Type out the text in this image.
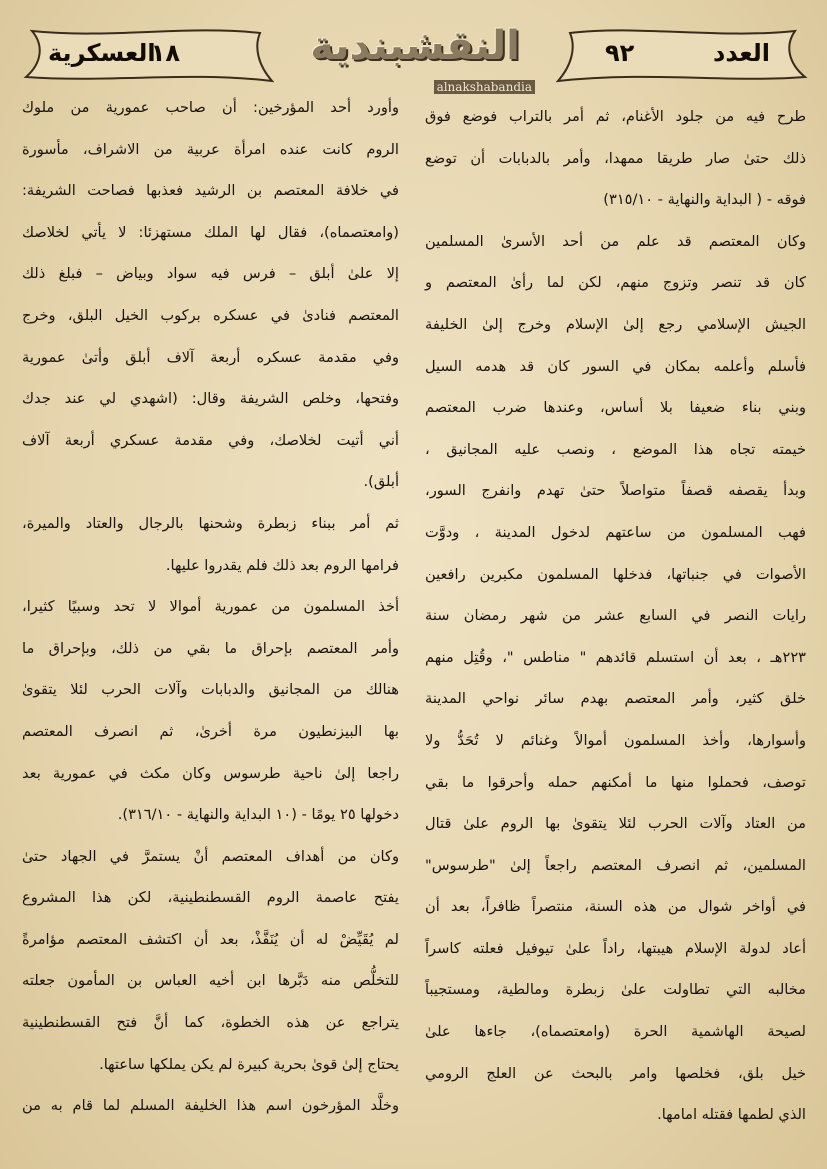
العدد
٩٢
النقشبندية
alnakshabandia
١٨
العسكرية
طرح فيه من جلود الأغنام، ثم أمر بالتراب فوضع فوق
ذلك حتىٰ صار طريقا ممهدا، وأمر بالدبابات أن توضع
فوقه - ( البداية والنهاية - ٣١٥/١٠)
وكان المعتصم قد علم من أحد الأسرىٰ المسلمين
كان قد تنصر وتزوج منهم، لكن لما رأىٰ المعتصم و
الجيش الإسلامي رجع إلىٰ الإسلام وخرج إلىٰ الخليفة
فأسلم وأعلمه بمكان في السور كان قد هدمه السيل
وبني بناء ضعيفا بلا أساس، وعندها ضرب المعتصم
خيمته تجاه هذا الموضع ، ونصب عليه المجانيق ،
وبدأ يقصفه قصفاً متواصلاً حتىٰ تهدم وانفرج السور،
فهب المسلمون من ساعتهم لدخول المدينة ، ودوَّت
الأصوات في جنباتها، فدخلها المسلمون مكبرين رافعين
رايات النصر في السابع عشر من شهر رمضان سنة
٢٢٣هـ ، بعد أن استسلم قائدهم " مناطس "، وقُتِل منهم
خلق كثير، وأمر المعتصم بهدم سائر نواحي المدينة
وأسوارها، وأخذ المسلمون أموالاً وغنائم لا تُحَدُّ ولا
توصف، فحملوا منها ما أمكنهم حمله وأحرقوا ما بقي
من العتاد وآلات الحرب لئلا يتقوىٰ بها الروم علىٰ قتال
المسلمين، ثم انصرف المعتصم راجعاً إلىٰ "طرسوس"
في أواخر شوال من هذه السنة، منتصراً ظافراً، بعد أن
أعاد لدولة الإسلام هيبتها، راداً علىٰ تيوفيل فعلته كاسراً
مخالبه التي تطاولت علىٰ زبطرة ومالطية، ومستجيباً
لصيحة الهاشمية الحرة (وامعتصماه)، جاءها علىٰ
خيل بلق، فخلصها وامر بالبحث عن العلج الرومي
الذي لطمها فقتله امامها.
وأورد أحد المؤرخين: أن صاحب عمورية من ملوك
الروم كانت عنده امرأة عربية من الاشراف، مأسورة
في خلافة المعتصم بن الرشيد فعذبها فصاحت الشريفة:
(وامعتصماه)، فقال لها الملك مستهزئا: لا يأتي لخلاصك
إلا علىٰ أبلق – فرس فيه سواد وبياض – فبلغ ذلك
المعتصم فنادىٰ في عسكره بركوب الخيل البلق، وخرج
وفي مقدمة عسكره أربعة آلاف أبلق وأتىٰ عمورية
وفتحها، وخلص الشريفة وقال: (اشهدي لي عند جدك
أني أتيت لخلاصك، وفي مقدمة عسكري أربعة آلاف
أبلق).
ثم أمر ببناء زبطرة وشحنها بالرجال والعتاد والميرة،
فرامها الروم بعد ذلك فلم يقدروا عليها.
أخذ المسلمون من عمورية أموالا لا تحد وسبيًا كثيرا،
وأمر المعتصم بإحراق ما بقي من ذلك، وبإحراق ما
هنالك من المجانيق والدبابات وآلات الحرب لئلا يتقوىٰ
بها البيزنطيون مرة أخرىٰ، ثم انصرف المعتصم
راجعا إلىٰ ناحية طرسوس وكان مكث في عمورية بعد
دخولها ٢٥ يومًا - (١٠ البداية والنهاية - ٣١٦/١٠).
وكان من أهداف المعتصم أنْ يستمرَّ في الجهاد حتىٰ
يفتح عاصمة الروم القسطنطينية، لكن هذا المشروع
لم يُقَيِّضْ له أن يُنَفَّذْ، بعد أن اكتشف المعتصم مؤامرةً
للتخلُّص منه دَبَّرها ابن أخيه العباس بن المأمون جعلته
يتراجع عن هذه الخطوة، كما أنَّ فتح القسطنطينية
يحتاج إلىٰ قوىٰ بحرية كبيرة لم يكن يملكها ساعتها.
وخلَّد المؤرخون اسم هذا الخليفة المسلم لما قام به من
